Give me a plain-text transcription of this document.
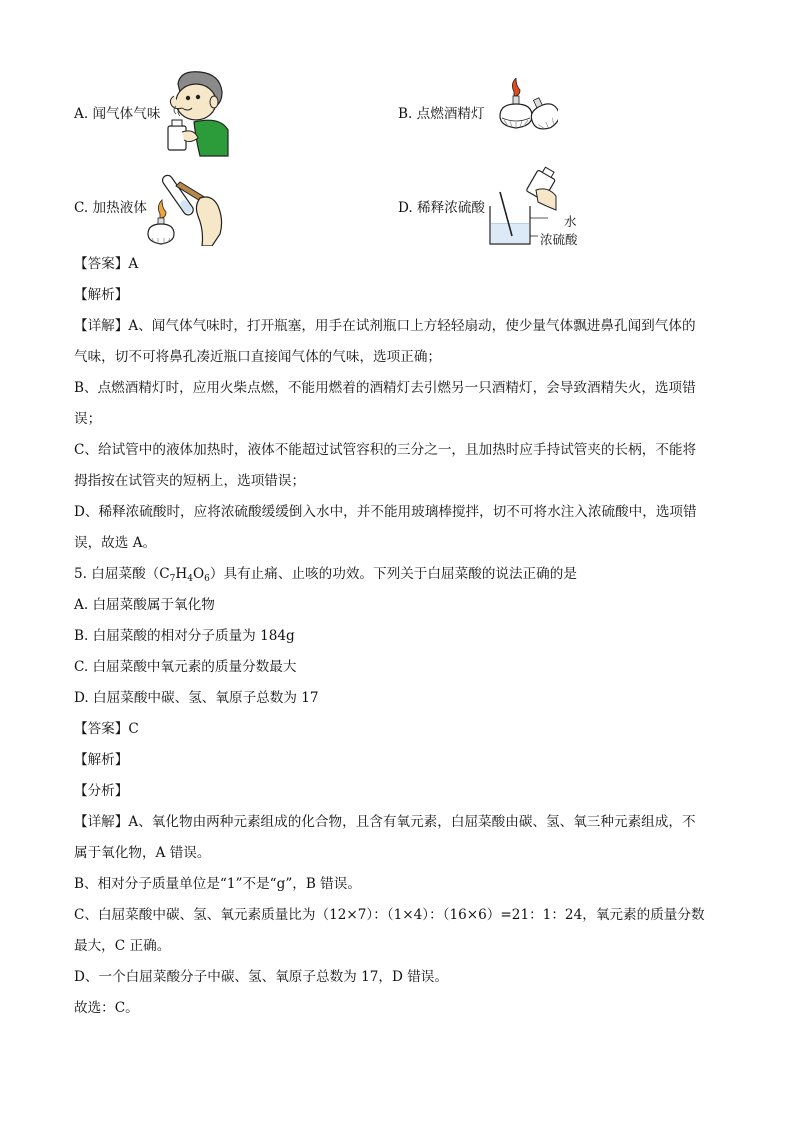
A. 闻气体气味	B. 点燃酒精灯
C. 加热液体	D. 稀释浓硫酸
水
浓硫酸
【答案】A
【解析】
【详解】A、闻气体气味时，打开瓶塞，用手在试剂瓶口上方轻轻扇动，使少量气体飘进鼻孔闻到气体的
气味，切不可将鼻孔凑近瓶口直接闻气体的气味，选项正确；
B、点燃酒精灯时，应用火柴点燃，不能用燃着的酒精灯去引燃另一只酒精灯，会导致酒精失火，选项错
误；
C、给试管中的液体加热时，液体不能超过试管容积的三分之一，且加热时应手持试管夹的长柄，不能将
拇指按在试管夹的短柄上，选项错误；
D、稀释浓硫酸时，应将浓硫酸缓缓倒入水中，并不能用玻璃棒搅拌，切不可将水注入浓硫酸中，选项错
误，故选 A。
5. 白屈菜酸$(C_7H_4O_6)$具有止痛、止咳的功效。下列关于白屈菜酸的说法正确的是
A. 白屈菜酸属于氧化物
B. 白屈菜酸的相对分子质量为 184g
C. 白屈菜酸中氧元素的质量分数最大
D. 白屈菜酸中碳、氢、氧原子总数为 17
【答案】C
【解析】
【分析】
【详解】A、氧化物由两种元素组成的化合物，且含有氧元素，白屈菜酸由碳、氢、氧三种元素组成，不
属于氧化物，A 错误。
B、相对分子质量单位是“1”不是“g”，B 错误。
C、白屈菜酸中碳、氢、氧元素质量比为（12×7）：（1×4）：（16×6）=21：1：24，氧元素的质量分数
最大，C 正确。
D、一个白屈菜酸分子中碳、氢、氧原子总数为 17，D 错误。
故选：C。
